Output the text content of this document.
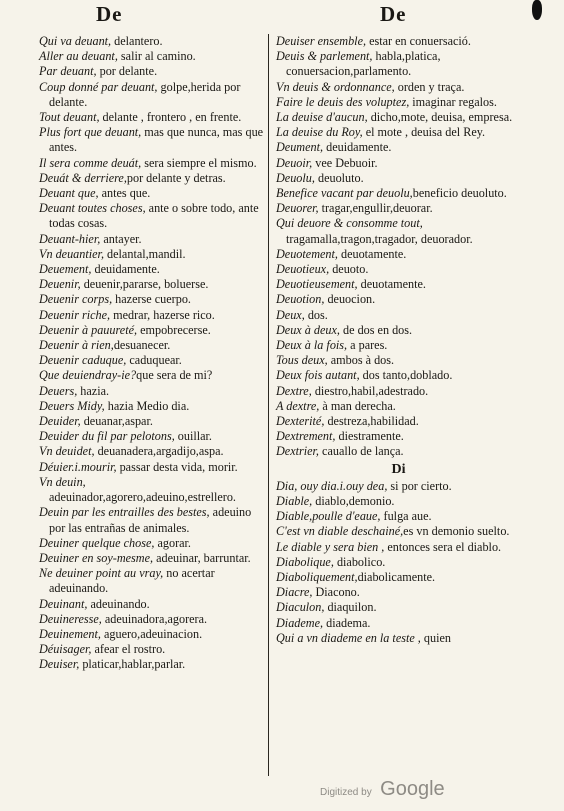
De	De

Qui va deuant, delantero.

Aller au deuant, salir al camino.

Par deuant, por delante.

Coup donné par deuant, golpe,herida por delante.

Tout deuant, delante , frontero , en frente.

Plus fort que deuant, mas que nunca, mas que antes.

Il sera comme deuát, sera siempre el mismo.

Deuát & derriere,por delante y detras.

Deuant que, antes que.

Deuant toutes choses, ante o sobre todo, ante todas cosas.

Deuant-hier, antayer.

Vn deuantier, delantal,mandil.

Deuement, deuidamente.

Deuenir, deuenir,pararse, boluerse.

Deuenir corps, hazerse cuerpo.

Deuenir riche, medrar, hazerse rico.

Deuenir à pauureté, empobrecerse.

Deuenir à rien,desuanecer.

Deuenir caduque, caduquear.

Que deuiendray-ie?que sera de mi?

Deuers, hazia.

Deuers Midy, hazia Medio dia.

Deuider, deuanar,aspar.

Deuider du fil par pelotons, ouillar.

Vn deuidet, deuanadera,argadijo,aspa.

Déuier.i.mourir, passar desta vida, morir.

Vn deuin, adeuinador,agorero,adeuino,estrellero.

Deuin par les entrailles des bestes, adeuino por las entrañas de animales.

Deuiner quelque chose, agorar.

Deuiner en soy-mesme, adeuinar, barruntar.

Ne deuiner point au vray, no acertar adeuinando.

Deuinant, adeuinando.

Deuineresse, adeuinadora,agorera.

Deuinement, aguero,adeuinacion.

Déuisager, afear el rostro.

Deuiser, platicar,hablar,parlar.

Deuiser ensemble, estar en conuersació.

Deuis & parlement, habla,platica, conuersacion,parlamento.

Vn deuis & ordonnance, orden y traça.

Faire le deuis des voluptez, imaginar regalos.

La deuise d'aucun, dicho,mote, deuisa, empresa.

La deuise du Roy, el mote , deuisa del Rey.

Deument, deuidamente.

Deuoir, vee Debuoir.

Deuolu, deuoluto.

Benefice vacant par deuolu,beneficio deuoluto.

Deuorer, tragar,engullir,deuorar.

Qui deuore & consomme tout, tragamalla,tragon,tragador, deuorador.

Deuotement, deuotamente.

Deuotieux, deuoto.

Deuotieusement, deuotamente.

Deuotion, deuocion.

Deux, dos.

Deux à deux, de dos en dos.

Deux à la fois, a pares.

Tous deux, ambos à dos.

Deux fois autant, dos tanto,doblado.

Dextre, diestro,habil,adestrado.

A dextre, à man derecha.

Dexterité, destreza,habilidad.

Dextrement, diestramente.

Dextrier, cauallo de lança.

Di

Dia, ouy dia.i.ouy dea, si por cierto.

Diable, diablo,demonio.

Diable,poulle d'eaue, fulga aue.

C'est vn diable deschainé,es vn demonio suelto.

Le diable y sera bien , entonces sera el diablo.

Diabolique, diabolico.

Diaboliquement,diabolicamente.

Diacre, Diacono.

Diaculon, diaquilon.

Diademe, diadema.

Qui a vn diademe en la teste , quien

Digitized by Google
